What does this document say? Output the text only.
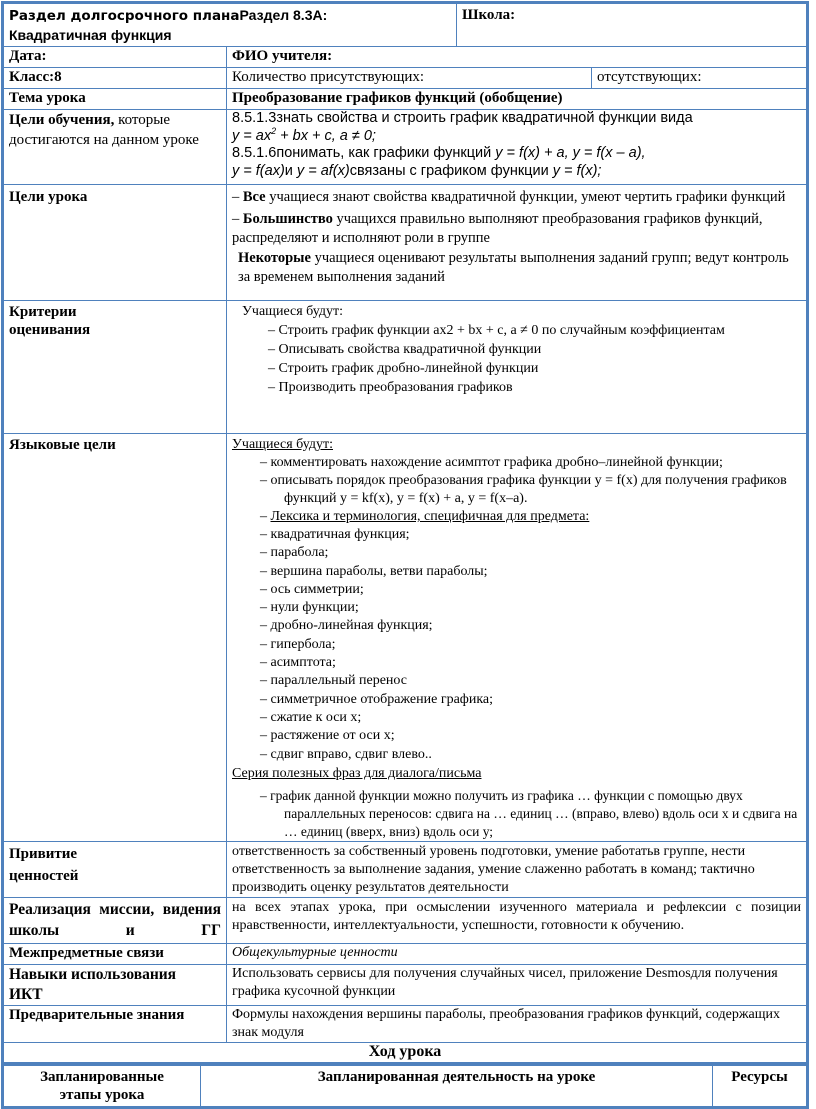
Раздел долгосрочного планаРаздел 8.3А:
Квадратичная функция		Школа:	
Дата:	ФИО учителя:		
Класс:8	Количество присутствующих:		отсутствующих:
Тема урока	Преобразование графиков функций (обобщение)		
Цели обучения, которые достигаются на данном уроке	8.5.1.3знать свойства и строить график квадратичной функции вида
$y = ax^2$ + bx + c, a ≠ 0;
8.5.1.6понимать, как графики функций y = f(x) + a, y = f(x – a),
y = f(ax)и y = af(x)связаны с графиком функции y = f(x);		

Цели урока	– Все учащиеся знают свойства квадратичной функции, умеют чертить графики функций
– Большинство учащихся правильно выполняют преобразования графиков функций, распределяют и исполняют роли в группе
Некоторые учащиеся оценивают результаты выполнения заданий групп; ведут контроль за временем выполнения заданий		

Критерии оценивания	Учащиеся будут:
– Строить график функции ax2 + bx + c, a ≠ 0 по случайным коэффициентам
– Описывать свойства квадратичной функции
– Строить график дробно-линейной функции
– Производить преобразования графиков		

Языковые цели	Учащиеся будут:
– комментировать нахождение асимптот графика дробно–линейной функции;
– описывать порядок преобразования графика функции y = f(x) для получения графиков функций y = kf(x), y = f(x) + a, y = f(x–a).
– Лексика и терминология, специфичная для предмета:
– квадратичная функция;
– парабола;
– вершина параболы, ветви параболы;
– ось симметрии;
– нули функции;
– дробно-линейная функция;
– гипербола;
– асимптота;
– параллельный перенос
– симметричное отображение графика;
– сжатие к оси х;
– растяжение от оси х;
– сдвиг вправо, сдвиг влево..
Серия полезных фраз для диалога/письма
– график данной функции можно получить из графика … функции с помощью двух параллельных переносов: сдвига на … единиц … (вправо, влево) вдоль оси х и сдвига на … единиц (вверх, вниз) вдоль оси у;

Привитие ценностей	ответственность за собственный уровень подготовки, умение работатьв группе, нести ответственность за выполнение задания, умение слаженно работать в команд; тактично производить оценку результатов деятельности		

Реализация миссии, видения школы и ГГ	на всех этапах урока, при осмыслении изученного материала и рефлексии с позиции нравственности, интеллектуальности, успешности, готовности к обучению.		
Межпредметные связи	Общекультурные ценности		
Навыки использования ИКТ	Использовать сервисы для получения случайных чисел, приложение Desmosдля получения графика кусочной функции		
Предварительные знания	Формулы нахождения вершины параболы, преобразования графиков функций, содержащих знак модуля		
Ход урока			
Запланированные этапы урока	Запланированная деятельность на уроке	Ресурсы
